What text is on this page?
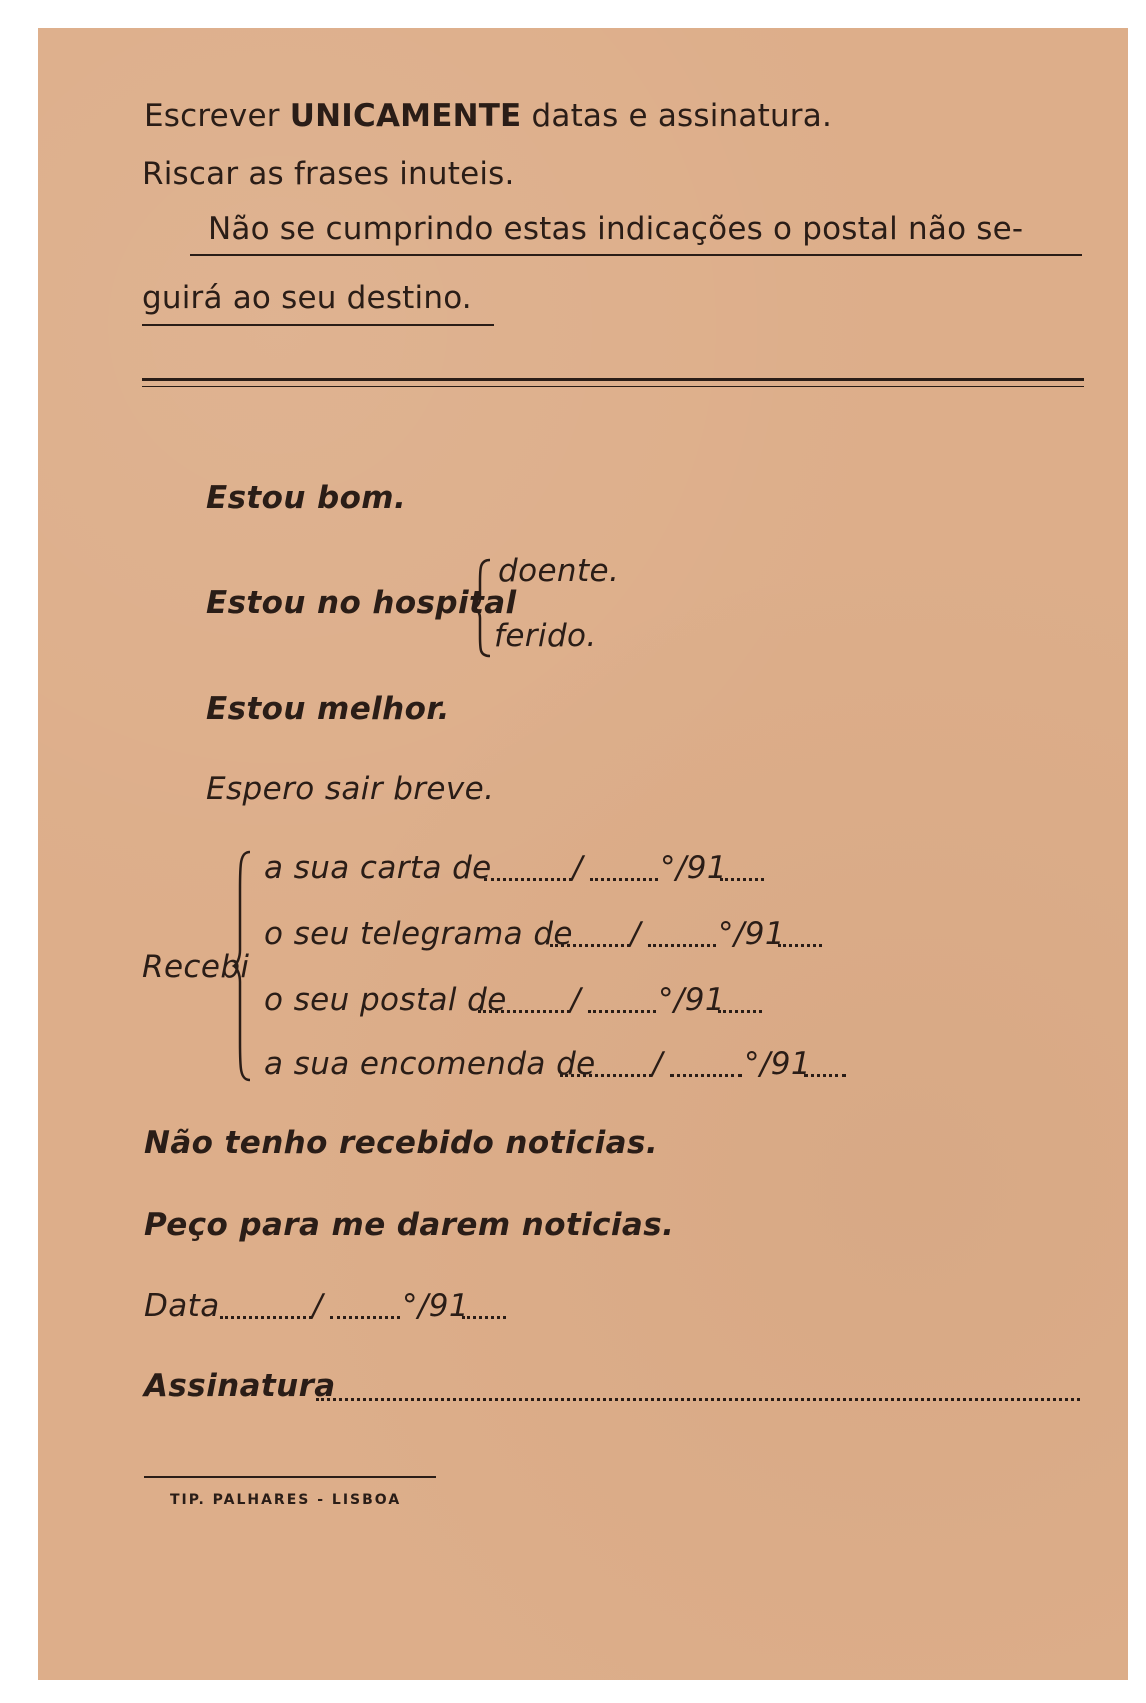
Escrever UNICAMENTE datas e assinatura.
Riscar as frases inuteis.
Não se cumprindo estas indicações o postal não se-
guirá ao seu destino.
Estou bom.
Estou no hospital
doente.
ferido.
Estou melhor.
Espero sair breve.
Recebi
a sua carta de	/ °/91
o seu telegrama de / °/91
o seu postal de / °/91
a sua encomenda de /	°/91
Não tenho recebido noticias.
Peço para me darem noticias.
Data	/	°/91
Assinatura
TIP. PALHARES - LISBOA
